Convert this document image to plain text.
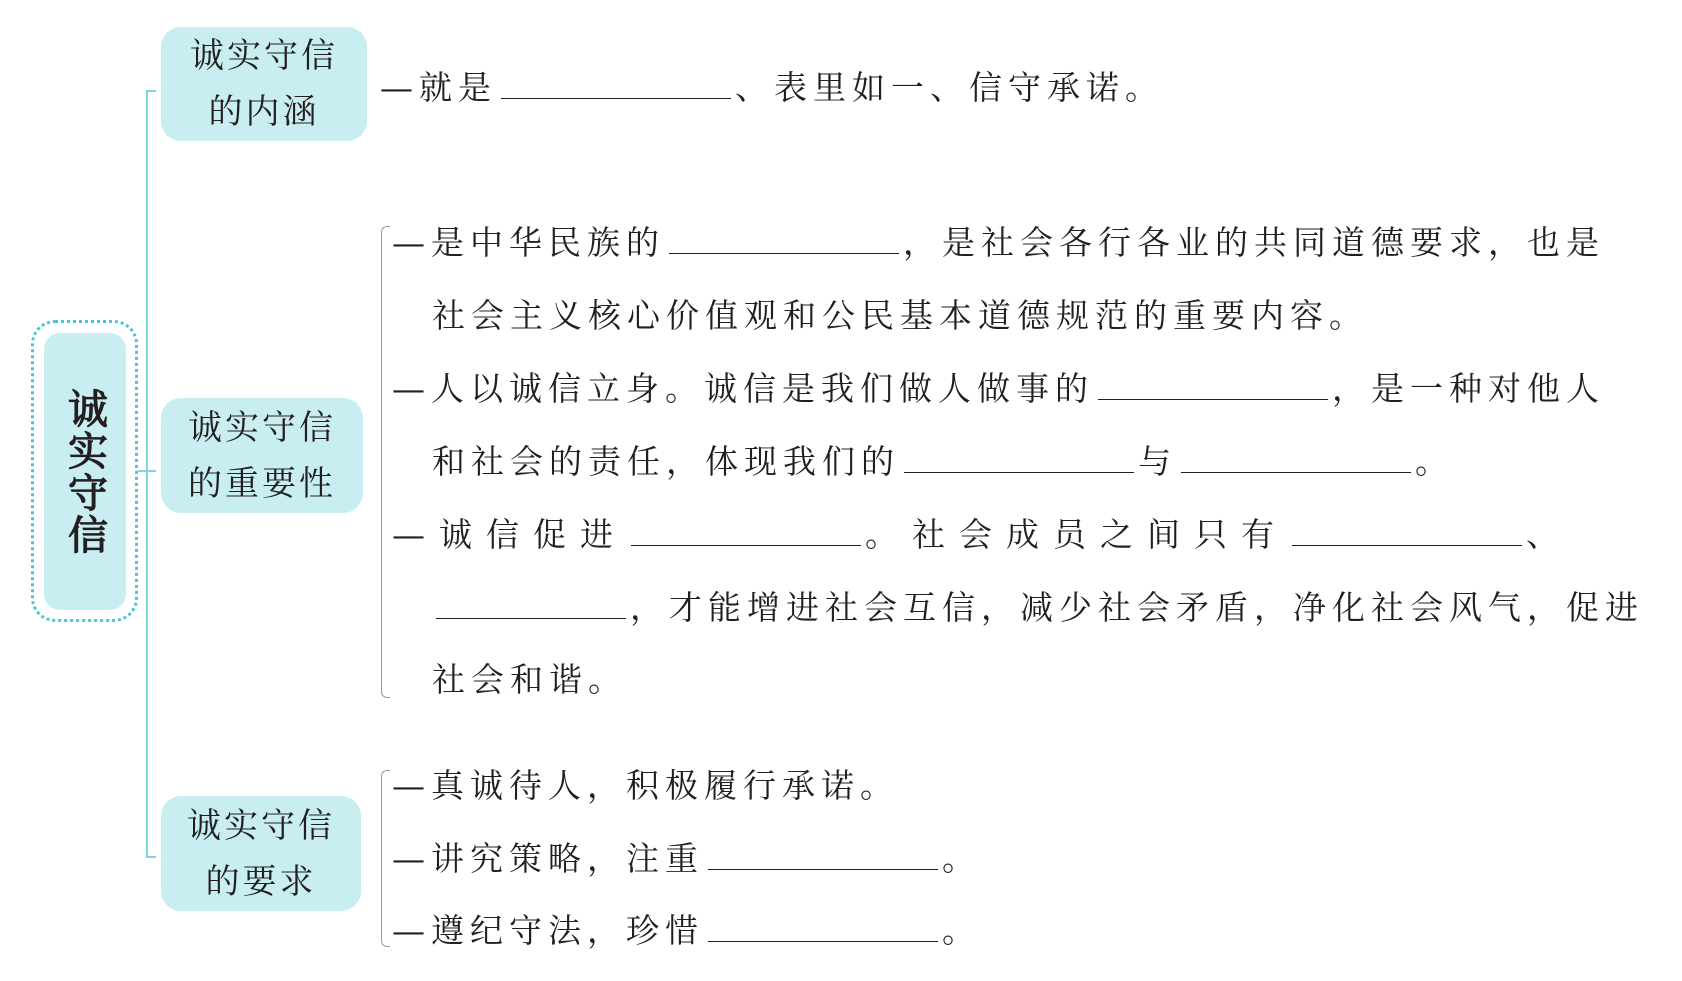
诚实守信
诚实守信
的内涵
—就是	、表里如一、信守承诺。
诚实守信
的重要性
—是中华民族的	，是社会各行各业的共同道德要求，也是
社会主义核心价值观和公民基本道德规范的重要内容。
—人以诚信立身。诚信是我们做人做事的	，是一种对他人
和社会的责任，体现我们的	与	。
—诚信促进	。社会成员之间只有	、
，才能增进社会互信，减少社会矛盾，净化社会风气，促进
社会和谐。
诚实守信
的要求
—真诚待人，积极履行承诺。
—讲究策略，注重	。
—遵纪守法，珍惜	。
